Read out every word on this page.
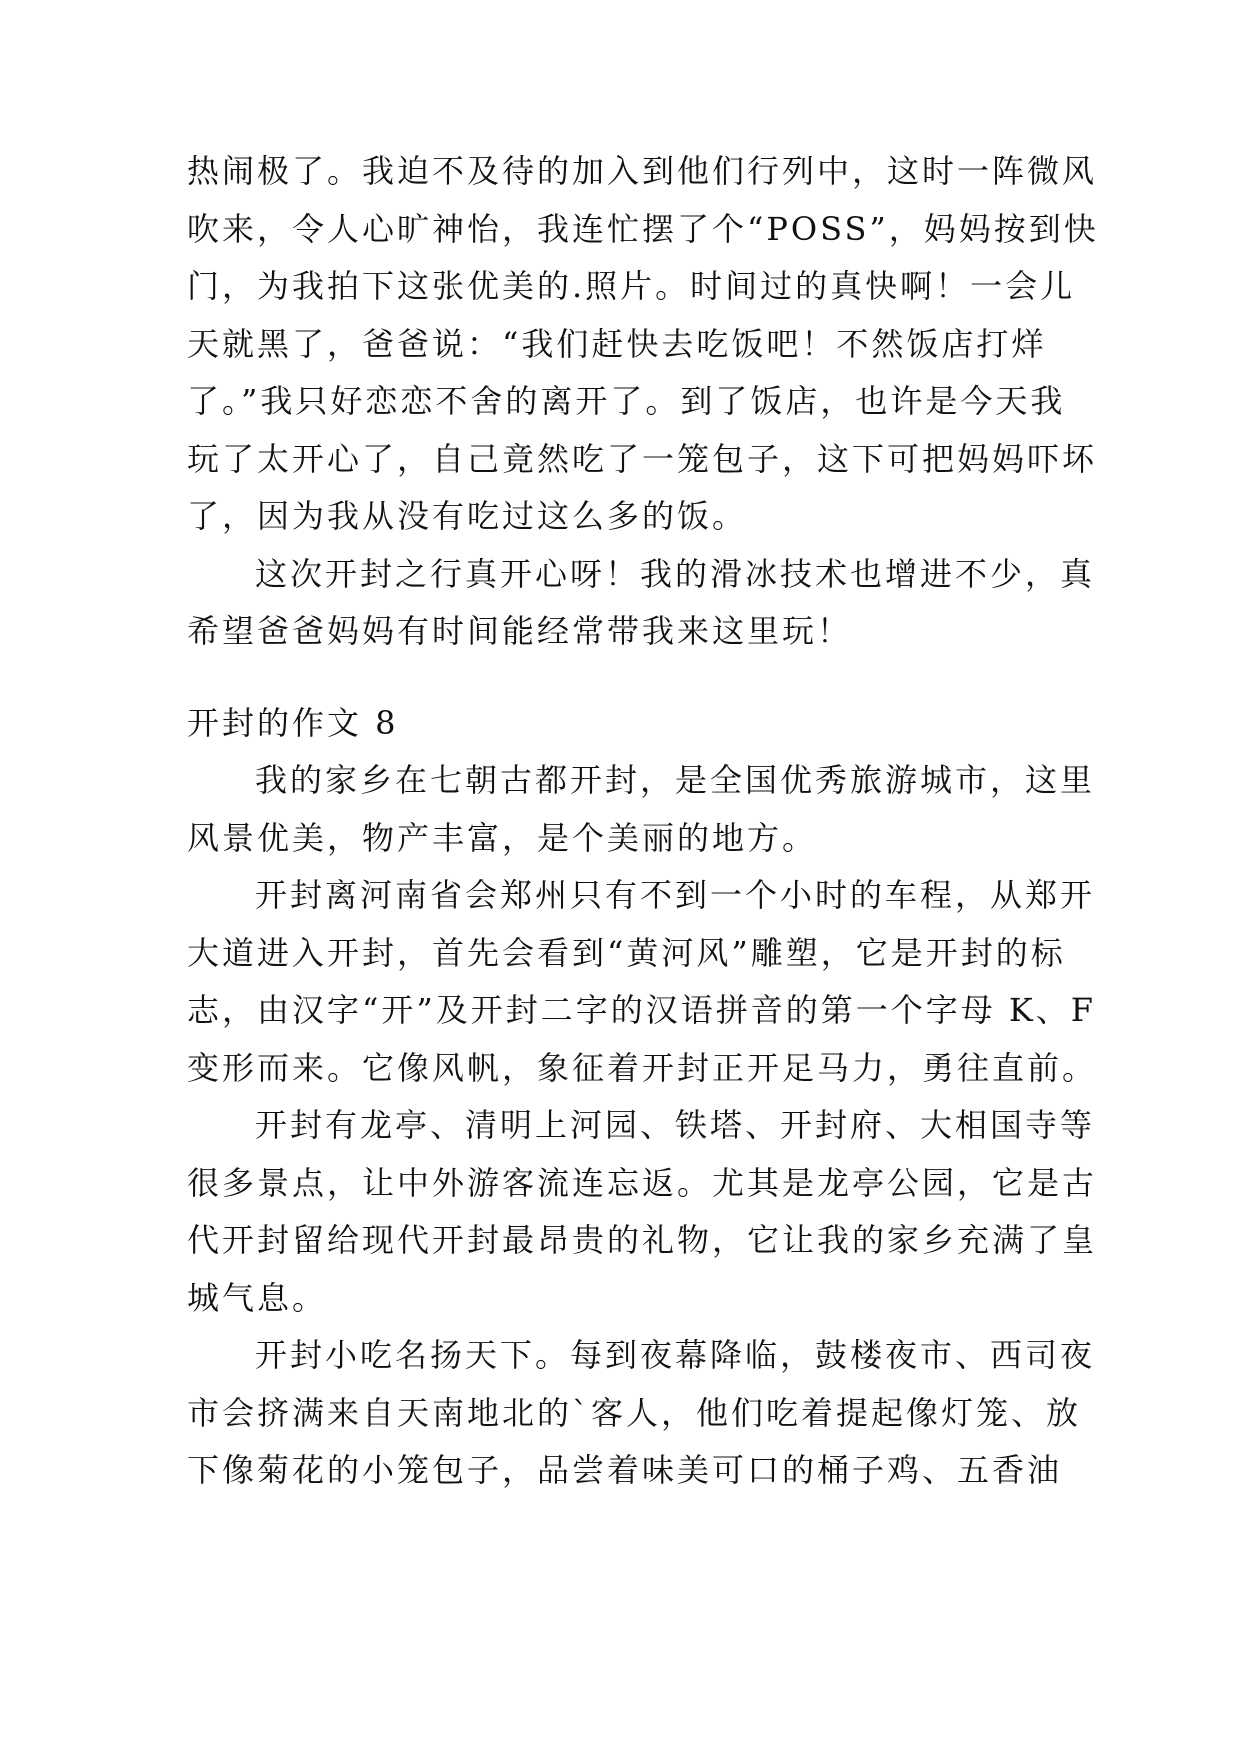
热闹极了。我迫不及待的加入到他们行列中，这时一阵微风
吹来，令人心旷神怡，我连忙摆了个“POSS”，妈妈按到快
门，为我拍下这张优美的.照片。时间过的真快啊！一会儿
天就黑了，爸爸说：“我们赶快去吃饭吧！不然饭店打烊
了。”我只好恋恋不舍的离开了。到了饭店，也许是今天我
玩了太开心了，自己竟然吃了一笼包子，这下可把妈妈吓坏
了，因为我从没有吃过这么多的饭。
这次开封之行真开心呀！我的滑冰技术也增进不少，真
希望爸爸妈妈有时间能经常带我来这里玩！
开封的作文 8
我的家乡在七朝古都开封，是全国优秀旅游城市，这里
风景优美，物产丰富，是个美丽的地方。
开封离河南省会郑州只有不到一个小时的车程，从郑开
大道进入开封，首先会看到“黄河风”雕塑，它是开封的标
志，由汉字“开”及开封二字的汉语拼音的第一个字母 K、F
变形而来。它像风帆，象征着开封正开足马力，勇往直前。
开封有龙亭、清明上河园、铁塔、开封府、大相国寺等
很多景点，让中外游客流连忘返。尤其是龙亭公园，它是古
代开封留给现代开封最昂贵的礼物，它让我的家乡充满了皇
城气息。
开封小吃名扬天下。每到夜幕降临，鼓楼夜市、西司夜
市会挤满来自天南地北的`客人，他们吃着提起像灯笼、放
下像菊花的小笼包子，品尝着味美可口的桶子鸡、五香油
